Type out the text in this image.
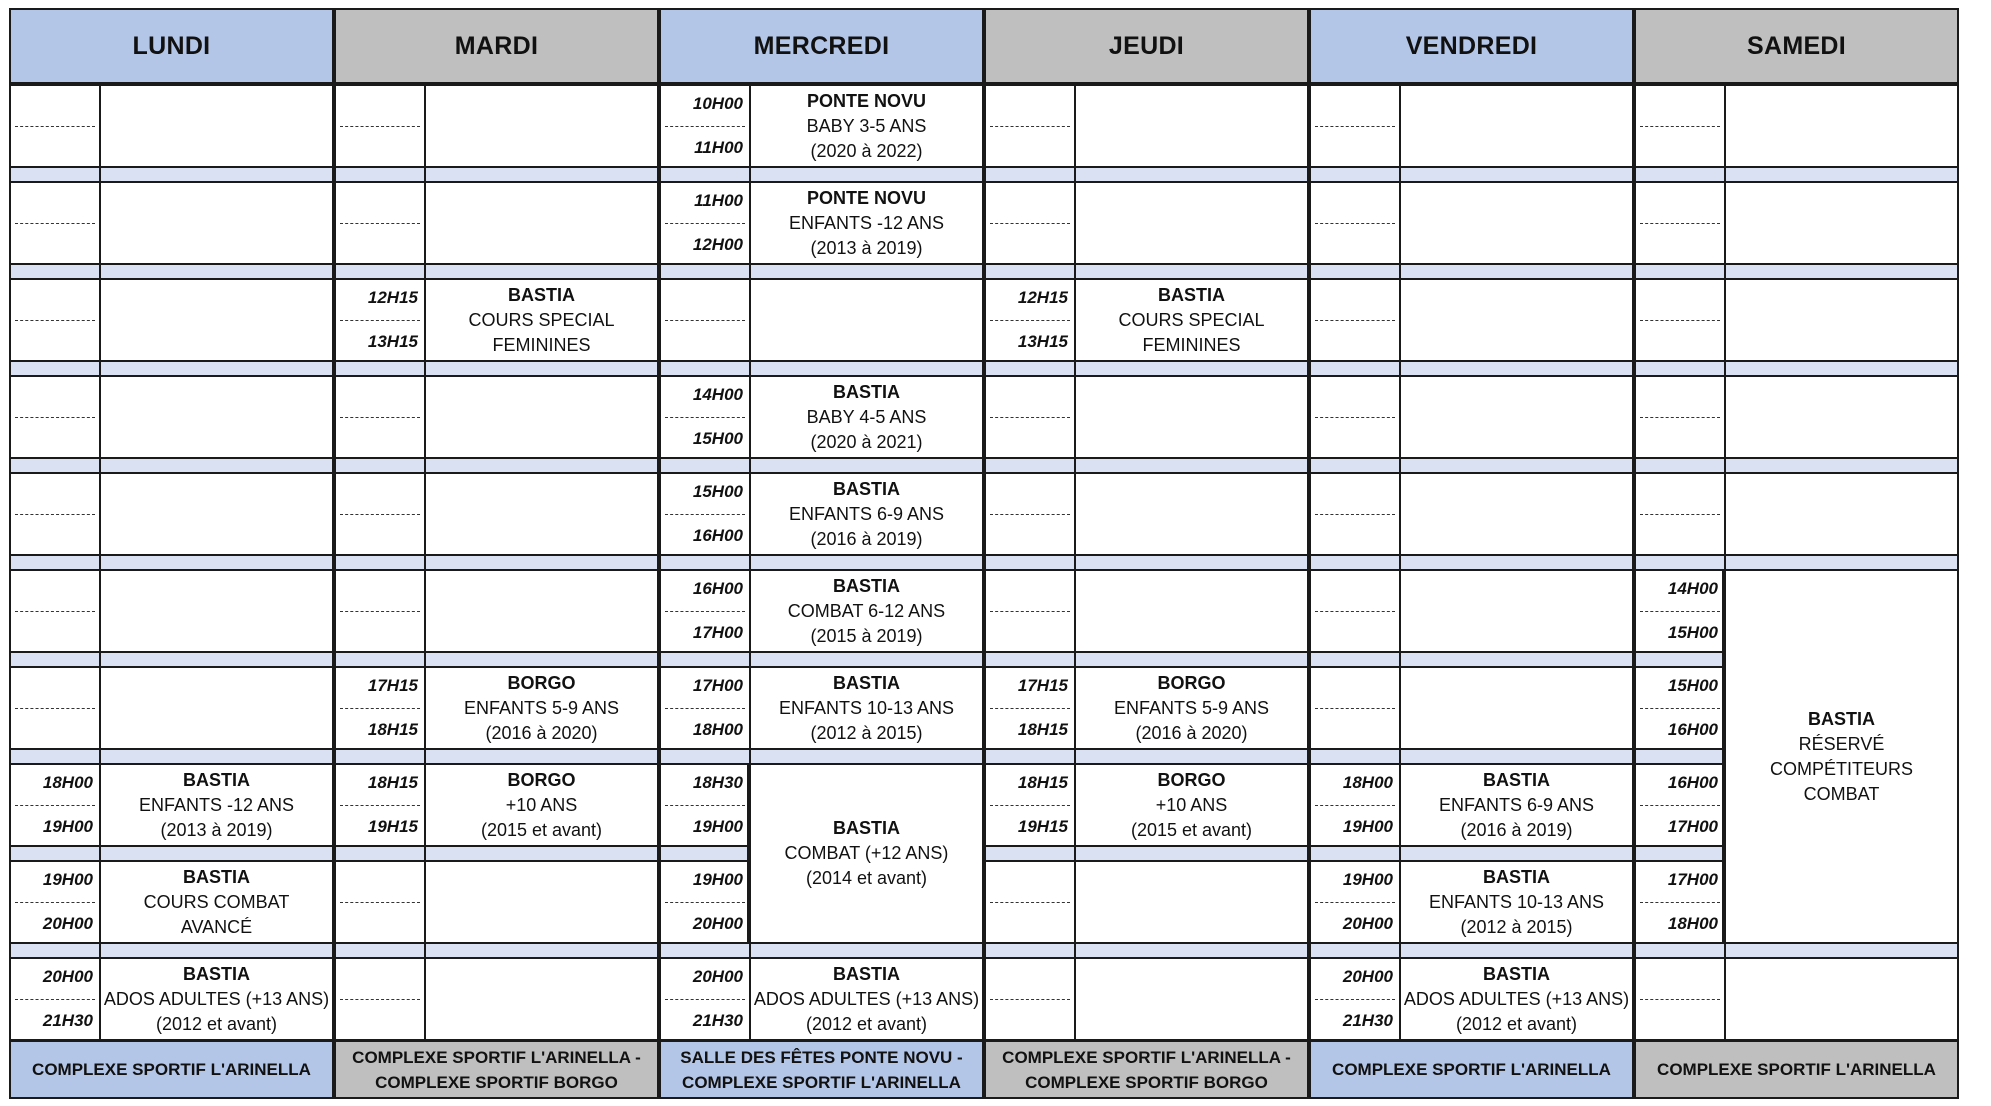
LUNDI
18H00
19H00
BASTIA
ENFANTS -12 ANS
(2013 à 2019)
19H00
20H00
BASTIA
COURS COMBAT
AVANCÉ
20H00
21H30
BASTIA
ADOS ADULTES (+13 ANS)
(2012 et avant)
COMPLEXE SPORTIF L'ARINELLA
MARDI
12H15
13H15
BASTIA
COURS SPECIAL
FEMININES
17H15
18H15
BORGO
ENFANTS 5-9 ANS
(2016 à 2020)
18H15
19H15
BORGO
+10 ANS
(2015 et avant)
COMPLEXE SPORTIF L'ARINELLA - COMPLEXE SPORTIF BORGO
MERCREDI
10H00
11H00
PONTE NOVU
BABY 3-5 ANS
(2020 à 2022)
11H00
12H00
PONTE NOVU
ENFANTS -12 ANS
(2013 à 2019)
14H00
15H00
BASTIA
BABY 4-5 ANS
(2020 à 2021)
15H00
16H00
BASTIA
ENFANTS 6-9 ANS
(2016 à 2019)
16H00
17H00
BASTIA
COMBAT 6-12 ANS
(2015 à 2019)
17H00
18H00
BASTIA
ENFANTS 10-13 ANS
(2012 à 2015)
18H30
19H00
19H00
20H00
20H00
21H30
BASTIA
ADOS ADULTES (+13 ANS)
(2012 et avant)
BASTIA
COMBAT (+12 ANS)
(2014 et avant)
SALLE DES FÊTES PONTE NOVU - COMPLEXE SPORTIF L'ARINELLA
JEUDI
12H15
13H15
BASTIA
COURS SPECIAL
FEMININES
17H15
18H15
BORGO
ENFANTS 5-9 ANS
(2016 à 2020)
18H15
19H15
BORGO
+10 ANS
(2015 et avant)
COMPLEXE SPORTIF L'ARINELLA - COMPLEXE SPORTIF BORGO
VENDREDI
18H00
19H00
BASTIA
ENFANTS 6-9 ANS
(2016 à 2019)
19H00
20H00
BASTIA
ENFANTS 10-13 ANS
(2012 à 2015)
20H00
21H30
BASTIA
ADOS ADULTES (+13 ANS)
(2012 et avant)
COMPLEXE SPORTIF L'ARINELLA
SAMEDI
14H00
15H00
15H00
16H00
16H00
17H00
17H00
18H00
BASTIA
RÉSERVÉ COMPÉTITEURS
COMBAT
COMPLEXE SPORTIF L'ARINELLA
